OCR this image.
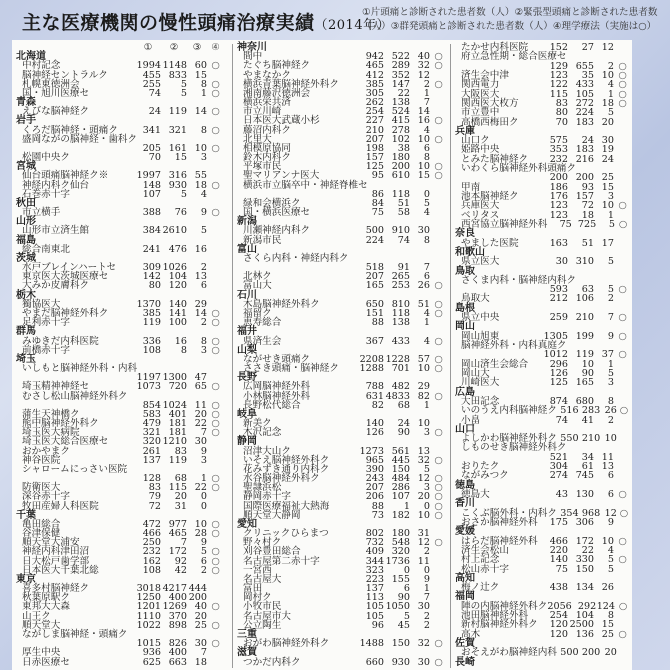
主な医療機関の慢性頭痛治療実績（2014年）
①片頭痛と診断された患者数（人）②緊張型頭痛と診断された患者数（人）③群発頭痛と診断された患者数（人）④理学療法（実施は○）
①	②	③	④
北海道
中村記念	1994 1148 60 ○
脳神経セントラルク	455 833 15
札幌東徳洲会	255	5	8 ○
国・旭川医療セ	74	5	1 ○
青森
えびな脳神経ク	24 119 14 ○
岩手
くろだ脳神経・頭痛ク	341 321	8 ○
盛岡ながの脳神経・歯科ク
205 161 10 ○
松園中央ク	70	15	3
宮城
仙台頭痛脳神経ク※	1997 316 55
神経内科ク仙台	148 930 18 ○
石巻赤十字	107	5	4
秋田
市立横手	388	76	9 ○
山形
山形市立済生館	384 2610	5
福島
総合南東北	241 476 16
茨城
水戸ブレインハートセ	309 1026	2
東京医大茨城医療セ	142 104 13
大みか皮膚科ク	80 120	6
栃木
獨協医大	1370 140 29
やまだ脳神経外科ク	385 141 14 ○
足利赤十字	119 100	2 ○
群馬
みゆきだ内科医院	336	16	8 ○
前橋赤十字	108	8	3 ○
埼玉
いしもと脳神経外科・内科
1197 1300 47
埼玉精神神経セ	1073 720 65 ○
むさし松山脳神経外科ク
854 1024 11 ○
蒲生天神橋ク	583 401 20 ○
熊中脳神経外科ク	479 181 22 ○
埼玉医大病院	321 181	7 ○
埼玉医大総合医療セ	320 1210 30
おかやまク	261	83	9
神谷医院	137 119	3
シャロームにっさい医院
128	68	1 ○
防衛医大	83 115 22 ○
深谷赤十字	79	20	0
牧田産婦人科医院	72	31	0
千葉
亀田総合	472 977 10 ○
谷津保健	466 465 28 ○
順天堂大浦安	250	7	9
神経内科津田沼	232 172	5 ○
日大松戸歯学部	162	92	6 ○
日本医大千葉北総	108	42	2 ○
東京
喜多村脳神経ク	3018 4217 444
秋葉原駅ク	1250 400 200
東邦大大森	1201 1269 40 ○
山王ク	1110 370 20
順天堂大	1022 898 25 ○
ながしま脳神経・頭痛ク
1015 826 30 ○
厚生中央	936 400	7
日赤医療セ	625 663 18
神奈川
間中	942 522 40 ○
たぐち脳神経ク	465 289 32 ○
やまなかク	412 352 12
横浜青葉脳神経外科ク	385 147	2 ○
湘南藤沢徳洲会	305	22	1
横浜栄共済	262 138	7
市立川崎	254 524 14
日本医大武蔵小杉	227 415 16 ○
藤沼内科ク	210 278	4
北里大	207 102 10 ○
相模原協同	198	38	6
鈴木内科ク	157 180	8
平塚市民	125 200 10 ○
聖マリアンナ医大	95 610 15 ○
横浜市立脳卒中・神経脊椎セ
86 118	0
緑和会横浜ク	84	51	5
国・横浜医療セ	75	58	4
新潟
川瀬神経内科ク	500 910 30
新潟市民	224	74	8
富山
さくら内科・神経内科ク
518	91	7
北林ク	207 265	6
富山大	165 253 26 ○
石川
木島脳神経外科ク	650 810 51 ○
福留ク	151 118	4 ○
恵寿総合	88 138	1
福井
県済生会	367 433	4 ○
山梨
ながせき頭痛ク	2208 1228 57 ○
ささき頭痛・脳神経ク	1288 701 10 ○
長野
広岡脳神経外科	788 482 29
小林脳神経外科	631 4833 82 ○
長野松代総合	82	68	1
岐阜
新美ク	140	24 10
木沢記念	126	90	3 ○
静岡
沼津大山ク	1273 561 13
いそえ脳神経外科ク	965 445 32 ○
花みずき通り内科ク	390 150	5
水谷脳神経外科ク	243 484 12 ○
聖隷浜松	207 286	3 ○
静岡赤十字	206 107 20 ○
国際医療福祉大熱海	88	1	0 ○
順天堂大静岡	73 182 10 ○
愛知
クリニックひらまつ	802 180 31
野々村ク	732 548 12 ○
刈谷豊田総合	409 320	2
名古屋第二赤十字	344 1736 11
一宮西	323	0	0
名古屋大	223 155	9
富田	137	6	1
岡村ク	113	90	7
小牧市民	105 1050 30
名古屋市大	105	5	2
公立陶生	96	45	2
三重
おがわ脳神経外科ク	1488 150 32 ○
滋賀
つかだ内科ク	660 930 30 ○
たかせ内科医院	152	27 12
府立急性期・総合医療セ
129 655	2 ○
済生会中津	123	35 10 ○
関西電力	122 433	4 ○
大阪医大	115 105	1 ○
関西医大枚方	83 272 18 ○
市立豊中	80 224	5
高橋西梅田ク	70 183 20
兵庫
山口ク	575	24 30
姫路中央	353 183 19
とみた脳神経ク	232 216 24
いわくら脳神経外科頭痛ク
200 200 25
甲南	186	93 15
池本脳神経ク	176 157	3
兵庫医大	123	72 10 ○
ベリタス	123	18	1
西宮協立脳神経外科	75 725	5 ○
奈良
やました医院	163	51 17
和歌山
県立医大	30 310	5
鳥取
さくま内科・脳神経内科ク
593	63	5 ○
鳥取大	212 106	2
島根
県立中央	259 210	7 ○
岡山
岡山旭東	1305 199	9 ○
脳神経外科・内科真庭ク
1012 119 37 ○
岡山済生会総合	296	10	1
岡山大	126	90	5
川崎医大	125 165	3
広島
大田記念	874 680	8
いのうえ内科脳神経ク 516 283 26 ○
小畠	74	41	2
山口
よしかわ脳神経外科ク 550 210 10
しものせき脳神経外科ク
521	34 11
おりたク	304	61 13
ながみつク	274 745	6
徳島
徳島大	43 130	6 ○
香川
こくぶ脳外科・内科ク 354 968 12 ○
おさか脳神経外科	175 306	9
愛媛
はらだ脳神経外科	466 172 10 ○
済生会松山	220	22	4
村上記念	140 330	5 ○
松山赤十字	75 150	5
高知
梅ノ辻ク	438 134 26
福岡
陣の内脳神経外科ク 2056 292 124 ○
池田脳神経外科	254 104	8
新村脳神経外科ク	120 2500 15
高木	120 136 25 ○
佐賀
おそえがわ脳神経内科 500 200 20
長崎
